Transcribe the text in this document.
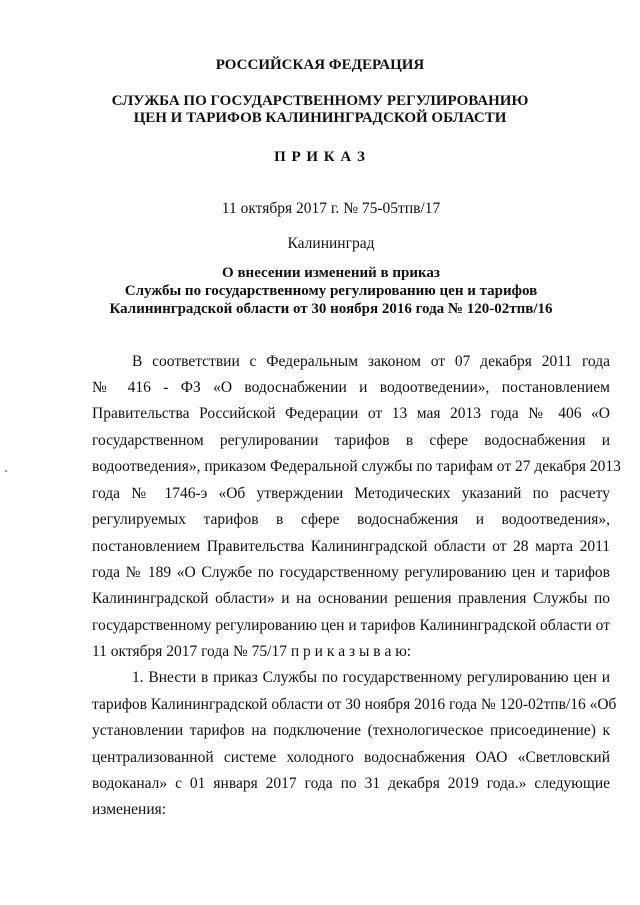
РОССИЙСКАЯ ФЕДЕРАЦИЯ
СЛУЖБА ПО ГОСУДАРСТВЕННОМУ РЕГУЛИРОВАНИЮ
ЦЕН И ТАРИФОВ КАЛИНИНГРАДСКОЙ ОБЛАСТИ
П Р И К А З
11 октября 2017 г. № 75-05тпв/17
Калининград
О внесении изменений в приказ
Службы по государственному регулированию цен и тарифов
Калининградской области от 30 ноября 2016 года № 120-02тпв/16
В соответствии с Федеральным законом от 07 декабря 2011 года
№ 416 - ФЗ «О водоснабжении и водоотведении», постановлением
Правительства Российской Федерации от 13 мая 2013 года № 406 «О
государственном регулировании тарифов в сфере водоснабжения и
водоотведения», приказом Федеральной службы по тарифам от 27 декабря 2013
года № 1746-э «Об утверждении Методических указаний по расчету
регулируемых тарифов в сфере водоснабжения и водоотведения»,
постановлением Правительства Калининградской области от 28 марта 2011
года № 189 «О Службе по государственному регулированию цен и тарифов
Калининградской области» и на основании решения правления Службы по
государственному регулированию цен и тарифов Калининградской области от
11 октября 2017 года № 75/17 п р и к а з ы в а ю:
1. Внести в приказ Службы по государственному регулированию цен и
тарифов Калининградской области от 30 ноября 2016 года № 120-02тпв/16 «Об
установлении тарифов на подключение (технологическое присоединение) к
централизованной системе холодного водоснабжения ОАО «Светловский
водоканал» с 01 января 2017 года по 31 декабря 2019 года.» следующие
изменения:
